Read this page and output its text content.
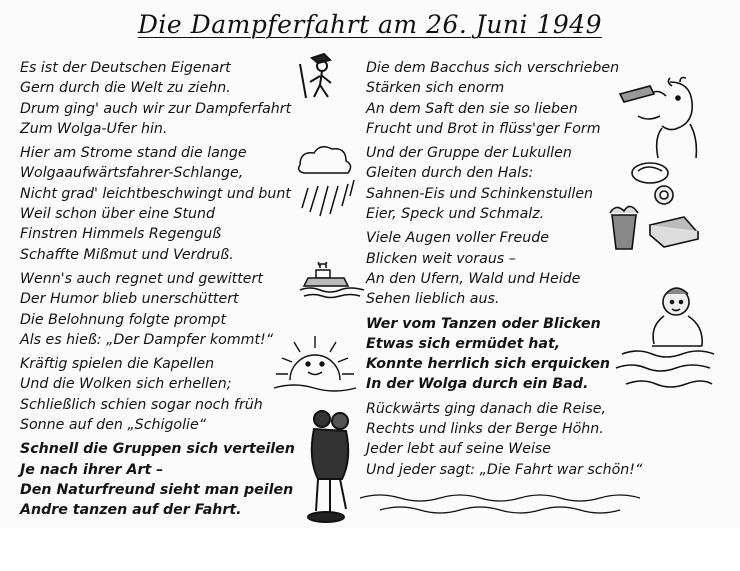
Die Dampferfahrt am 26. Juni 1949
Es ist der Deutschen Eigenart
Gern durch die Welt zu ziehn.
Drum ging' auch wir zur Dampferfahrt
Zum Wolga-Ufer hin.
Hier am Strome stand die lange
Wolgaaufwärtsfahrer-Schlange,
Nicht grad' leichtbeschwingt und bunt
Weil schon über eine Stund
Finstren Himmels Regenguß
Schaffte Mißmut und Verdruß.
Wenn's auch regnet und gewittert
Der Humor blieb unerschüttert
Die Belohnung folgte prompt
Als es hieß: „Der Dampfer kommt!“
Kräftig spielen die Kapellen
Und die Wolken sich erhellen;
Schließlich schien sogar noch früh
Sonne auf den „Schigolie“
Schnell die Gruppen sich verteilen
Je nach ihrer Art –
Den Naturfreund sieht man peilen
Andre tanzen auf der Fahrt.
Die dem Bacchus sich verschrieben
Stärken sich enorm
An dem Saft den sie so lieben
Frucht und Brot in flüss'ger Form
Und der Gruppe der Lukullen
Gleiten durch den Hals:
Sahnen-Eis und Schinkenstullen
Eier, Speck und Schmalz.
Viele Augen voller Freude
Blicken weit voraus –
An den Ufern, Wald und Heide
Sehen lieblich aus.
Wer vom Tanzen oder Blicken
Etwas sich ermüdet hat,
Konnte herrlich sich erquicken
In der Wolga durch ein Bad.
Rückwärts ging danach die Reise,
Rechts und links der Berge Höhn.
Jeder lebt auf seine Weise
Und jeder sagt: „Die Fahrt war schön!“
